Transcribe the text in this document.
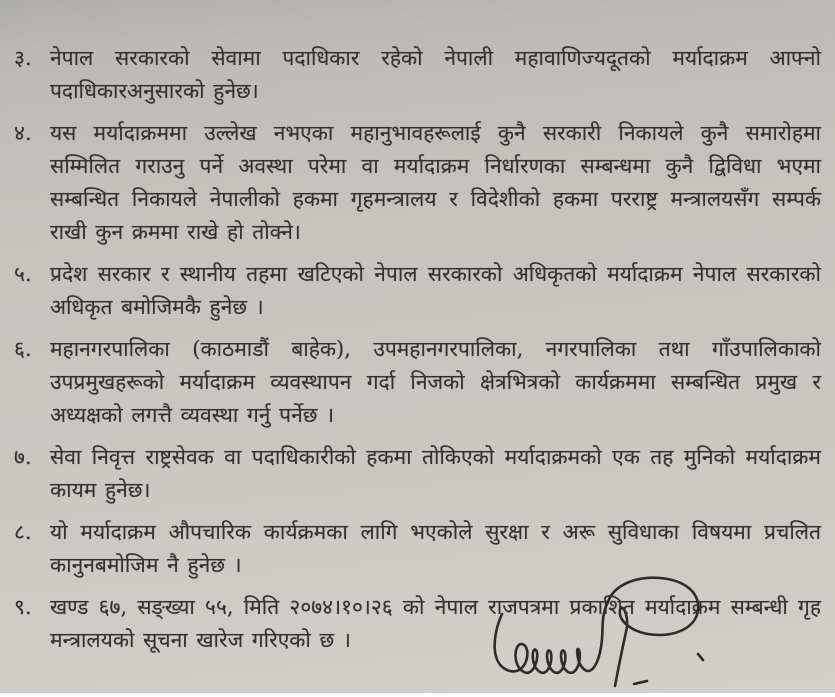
३. नेपाल सरकारको सेवामा पदाधिकार रहेको नेपाली महावाणिज्यदूतको मर्यादाक्रम आफ्नो पदाधिकारअनुसारको हुनेछ।
४. यस मर्यादाक्रममा उल्लेख नभएका महानुभावहरूलाई कुनै सरकारी निकायले कुनै समारोहमा सम्मिलित गराउनु पर्ने अवस्था परेमा वा मर्यादाक्रम निर्धारणका सम्बन्धमा कुनै द्विविधा भएमा सम्बन्धित निकायले नेपालीको हकमा गृहमन्त्रालय र विदेशीको हकमा परराष्ट्र मन्त्रालयसँग सम्पर्क राखी कुन क्रममा राखे हो तोक्ने।
५. प्रदेश सरकार र स्थानीय तहमा खटिएको नेपाल सरकारको अधिकृतको मर्यादाक्रम नेपाल सरकारको अधिकृत बमोजिमकै हुनेछ ।
६. महानगरपालिका (काठमाडौं बाहेक), उपमहानगरपालिका, नगरपालिका तथा गाँउपालिकाको उपप्रमुखहरूको मर्यादाक्रम व्यवस्थापन गर्दा निजको क्षेत्रभित्रको कार्यक्रममा सम्बन्धित प्रमुख र अध्यक्षको लगत्तै व्यवस्था गर्नु पर्नेछ ।
७. सेवा निवृत्त राष्ट्रसेवक वा पदाधिकारीको हकमा तोकिएको मर्यादाक्रमको एक तह मुनिको मर्यादाक्रम कायम हुनेछ।
८. यो मर्यादाक्रम औपचारिक कार्यक्रमका लागि भएकोले सुरक्षा र अरू सुविधाका विषयमा प्रचलित कानुनबमोजिम नै हुनेछ ।
९. खण्ड ६७, सङ्ख्या ५५, मिति २०७४।१०।२६ को नेपाल राजपत्रमा प्रकाशित मर्यादाक्रम सम्बन्धी गृह मन्त्रालयको सूचना खारेज गरिएको छ ।
